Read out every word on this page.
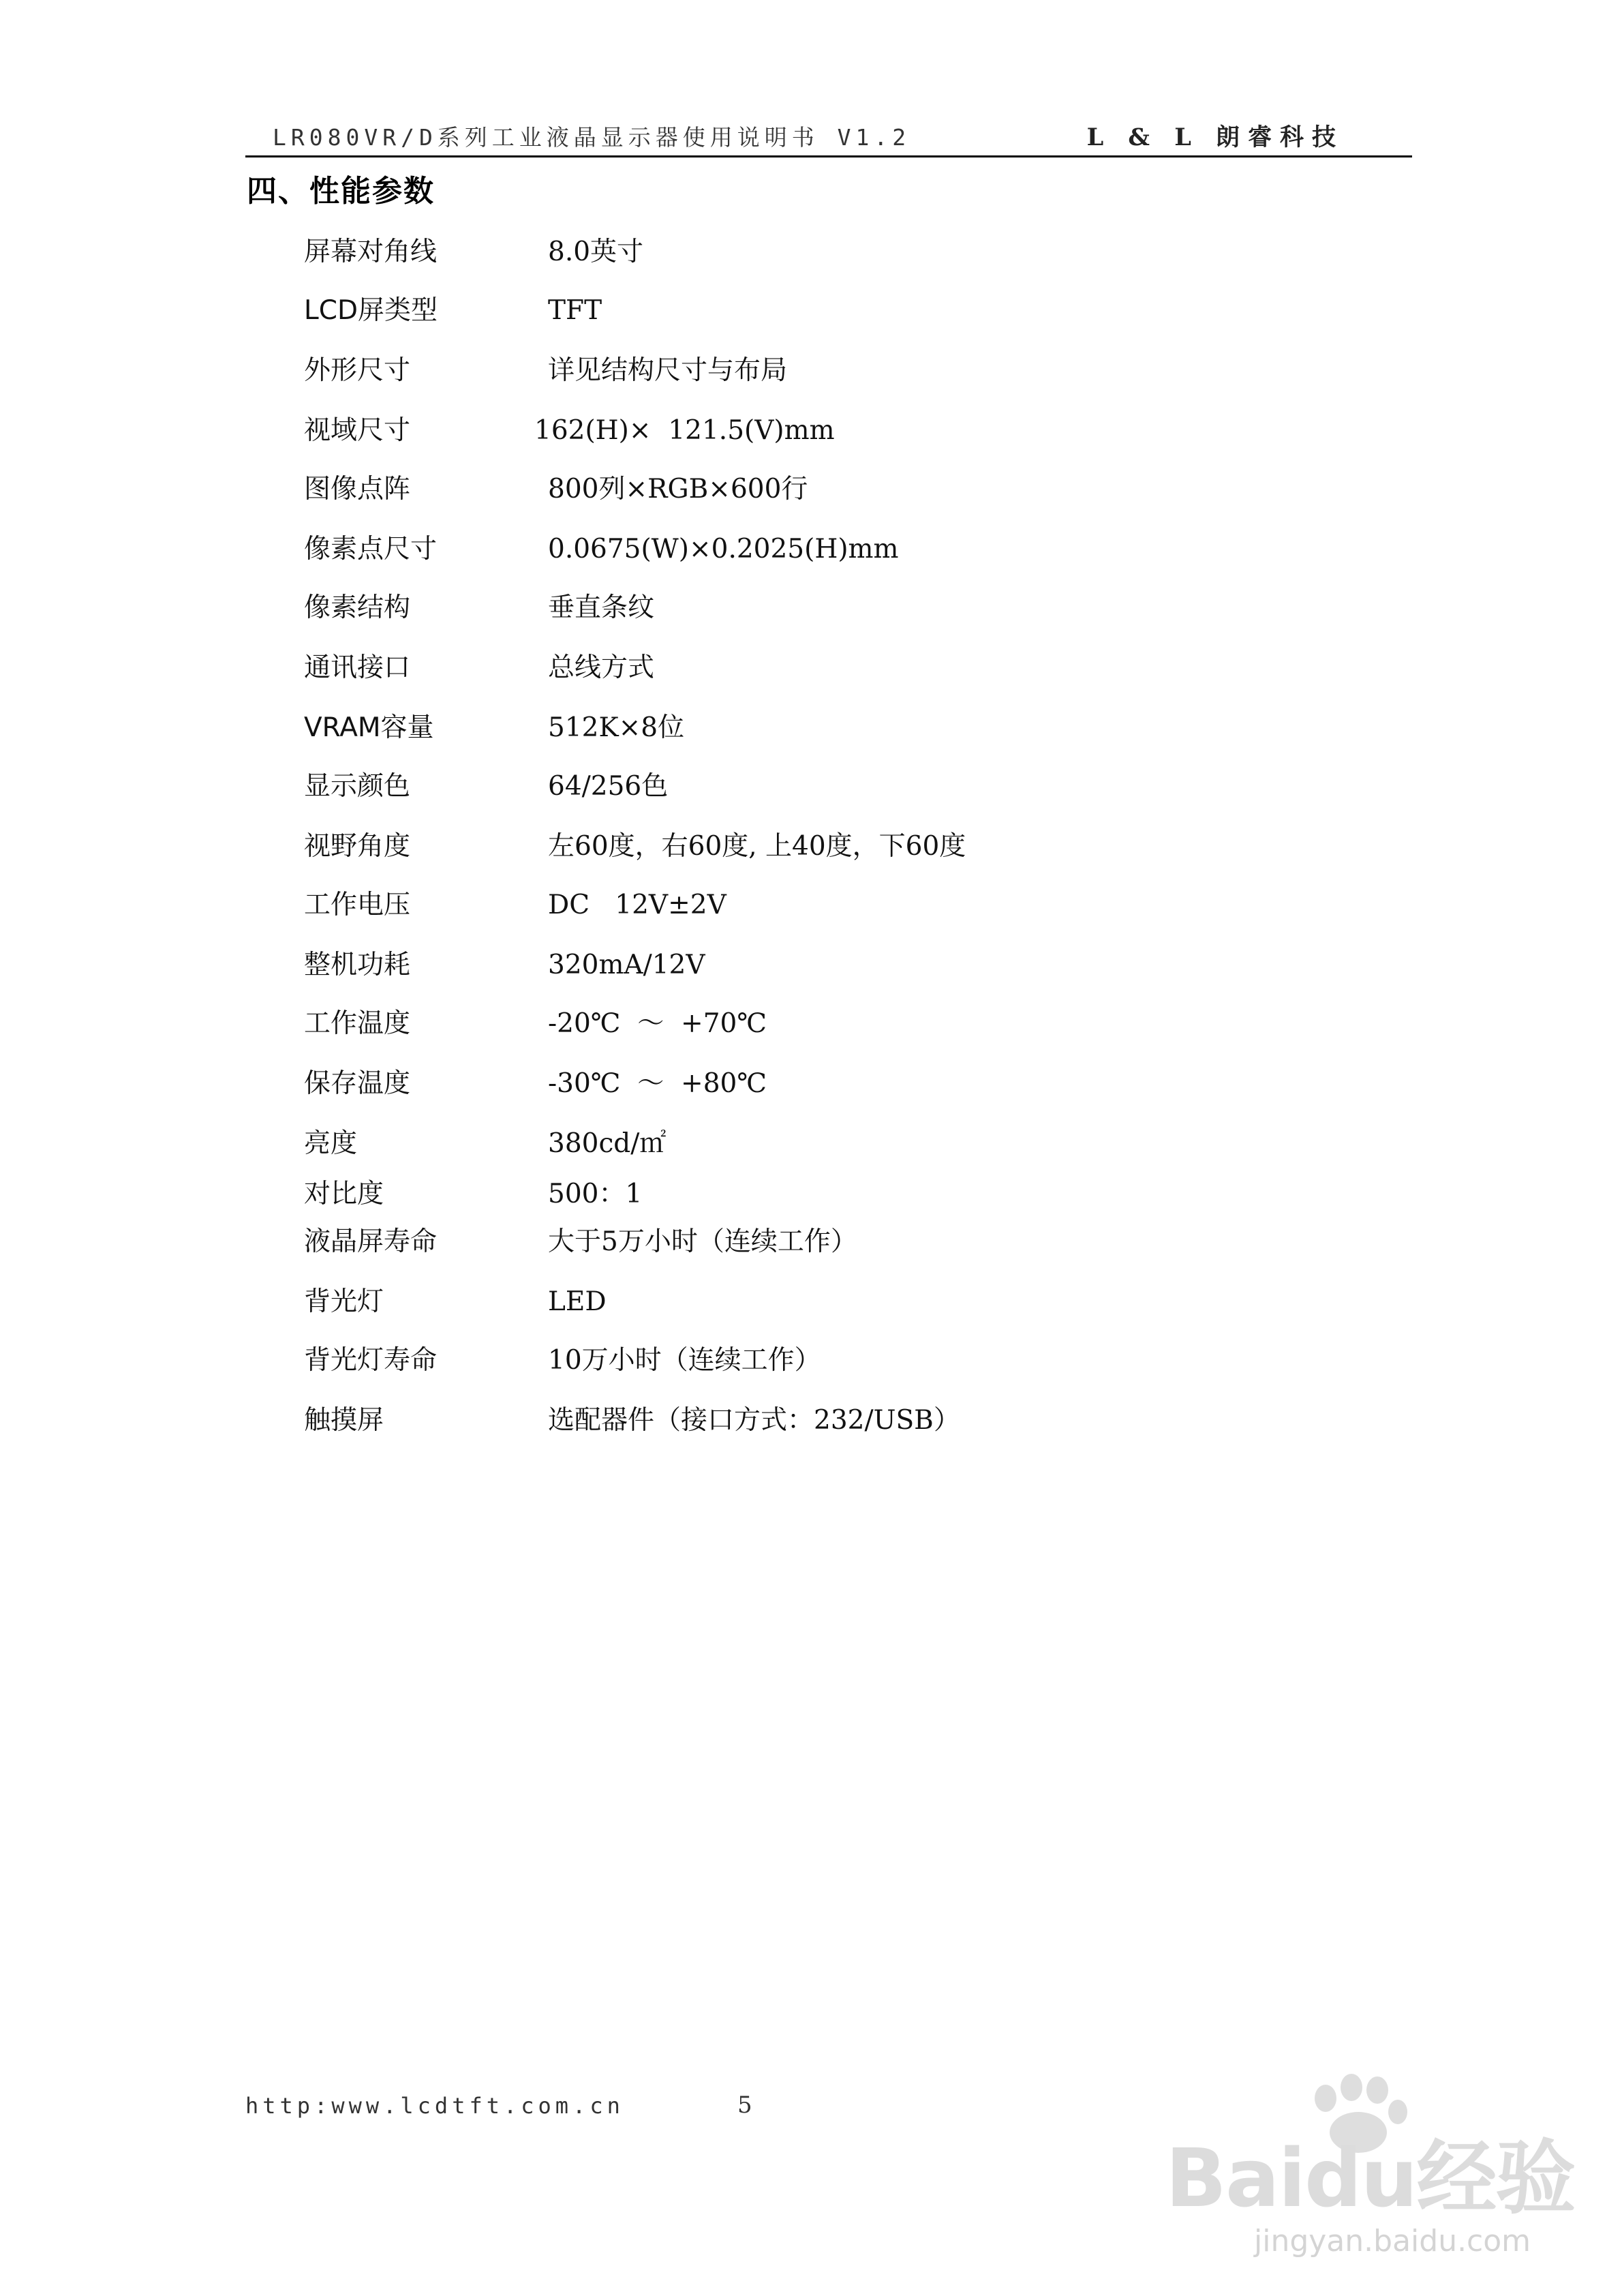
LR080VR/D系列工业液晶显示器使用说明书 V1.2	L & L 朗睿科技
四、性能参数
屏幕对角线	8.0英寸
LCD屏类型	TFT
外形尺寸	详见结构尺寸与布局
视域尺寸	162(H)×  121.5(V)mm
图像点阵	800列×RGB×600行
像素点尺寸	0.0675(W)×0.2025(H)mm
像素结构	垂直条纹
通讯接口	总线方式
VRAM容量	512K×8位
显示颜色	64/256色
视野角度	左60度，右60度, 上40度，下60度
工作电压	DC   12V±2V
整机功耗	320mA/12V
工作温度	-20℃  ～  +70℃
保存温度	-30℃  ～  +80℃
亮度	380cd/㎡
对比度	500：1
液晶屏寿命	大于5万小时（连续工作）
背光灯	LED
背光灯寿命	10万小时（连续工作）
触摸屏	选配器件（接口方式：232/USB）
http:www.lcdtft.com.cn	5
Baidu经验
jingyan.baidu.com
